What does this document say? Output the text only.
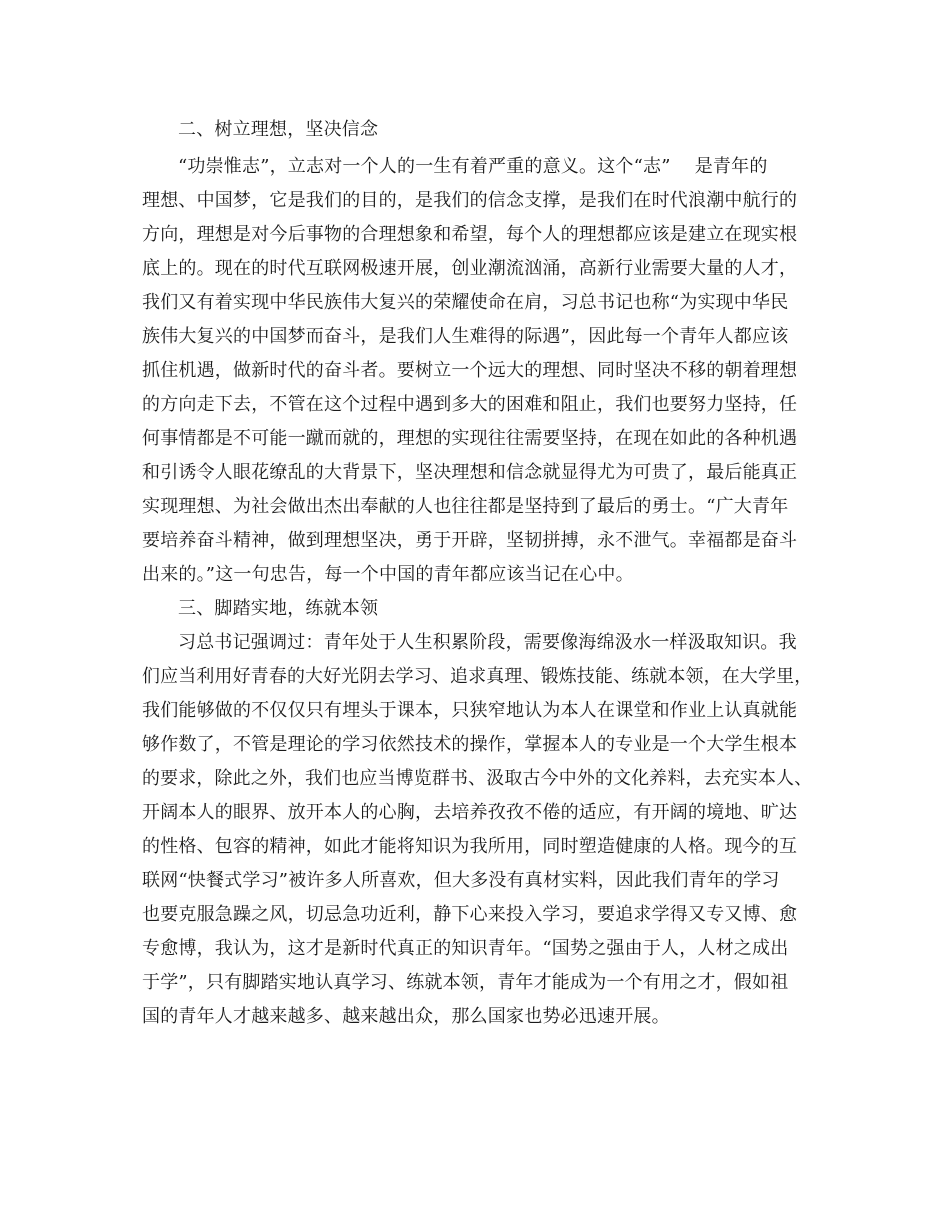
二、树立理想，坚决信念

“功崇惟志”，立志对一个人的一生有着严重的意义。这个“志”　 是青年的

理想、中国梦，它是我们的目的，是我们的信念支撑，是我们在时代浪潮中航行的

方向，理想是对今后事物的合理想象和希望，每个人的理想都应该是建立在现实根

底上的。现在的时代互联网极速开展，创业潮流汹涌，高新行业需要大量的人才，

我们又有着实现中华民族伟大复兴的荣耀使命在肩，习总书记也称“为实现中华民

族伟大复兴的中国梦而奋斗，是我们人生难得的际遇”，因此每一个青年人都应该

抓住机遇，做新时代的奋斗者。要树立一个远大的理想、同时坚决不移的朝着理想

的方向走下去，不管在这个过程中遇到多大的困难和阻止，我们也要努力坚持，任

何事情都是不可能一蹴而就的，理想的实现往往需要坚持，在现在如此的各种机遇

和引诱令人眼花缭乱的大背景下，坚决理想和信念就显得尤为可贵了，最后能真正

实现理想、为社会做出杰出奉献的人也往往都是坚持到了最后的勇士。“广大青年

要培养奋斗精神，做到理想坚决，勇于开辟，坚韧拼搏，永不泄气。幸福都是奋斗

出来的。”这一句忠告，每一个中国的青年都应该当记在心中。

三、脚踏实地，练就本领

习总书记强调过：青年处于人生积累阶段，需要像海绵汲水一样汲取知识。我

们应当利用好青春的大好光阴去学习、追求真理、锻炼技能、练就本领，在大学里，

我们能够做的不仅仅只有埋头于课本，只狭窄地认为本人在课堂和作业上认真就能

够作数了，不管是理论的学习依然技术的操作，掌握本人的专业是一个大学生根本

的要求，除此之外，我们也应当博览群书、汲取古今中外的文化养料，去充实本人、

开阔本人的眼界、放开本人的心胸，去培养孜孜不倦的适应，有开阔的境地、旷达

的性格、包容的精神，如此才能将知识为我所用，同时塑造健康的人格。现今的互

联网“快餐式学习”被许多人所喜欢，但大多没有真材实料，因此我们青年的学习

也要克服急躁之风，切忌急功近利，静下心来投入学习，要追求学得又专又博、愈

专愈博，我认为，这才是新时代真正的知识青年。“国势之强由于人，人材之成出

于学”，只有脚踏实地认真学习、练就本领，青年才能成为一个有用之才，假如祖

国的青年人才越来越多、越来越出众，那么国家也势必迅速开展。
